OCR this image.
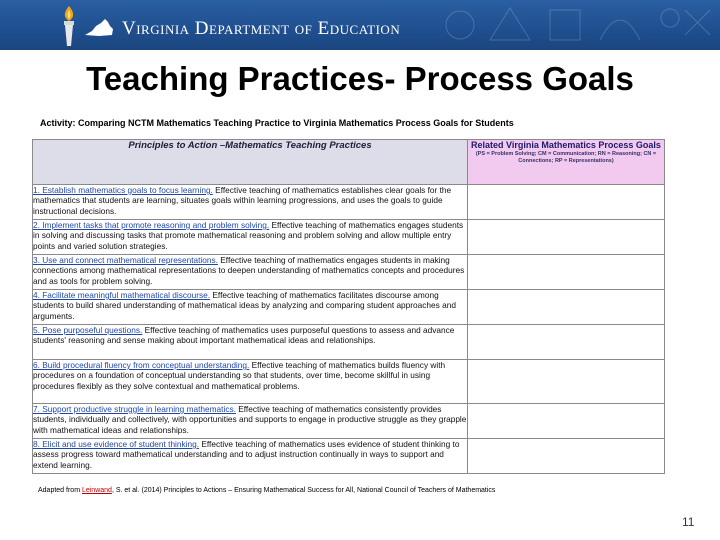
Virginia Department of Education
Teaching Practices- Process Goals
Activity: Comparing NCTM Mathematics Teaching Practice to Virginia Mathematics Process Goals for Students
Principles to Action –Mathematics Teaching Practices	Related Virginia Mathematics Process Goals
(PS = Problem Solving; CM = Communication; RN = Reasoning; CN = Connections; RP = Representations)

1. Establish mathematics goals to focus learning. Effective teaching of mathematics establishes clear goals for the mathematics that students are learning, situates goals within learning progressions, and uses the goals to guide instructional decisions.	

2. Implement tasks that promote reasoning and problem solving. Effective teaching of mathematics engages students in solving and discussing tasks that promote mathematical reasoning and problem solving and allow multiple entry points and varied solution strategies.	

3. Use and connect mathematical representations. Effective teaching of mathematics engages students in making connections among mathematical representations to deepen understanding of mathematics concepts and procedures and as tools for problem solving.	

4. Facilitate meaningful mathematical discourse. Effective teaching of mathematics facilitates discourse among students to build shared understanding of mathematical ideas by analyzing and comparing student approaches and arguments.	

5. Pose purposeful questions. Effective teaching of mathematics uses purposeful questions to assess and advance students' reasoning and sense making about important mathematical ideas and relationships.	

6. Build procedural fluency from conceptual understanding. Effective teaching of mathematics builds fluency with procedures on a foundation of conceptual understanding so that students, over time, become skillful in using procedures flexibly as they solve contextual and mathematical problems.	

7. Support productive struggle in learning mathematics. Effective teaching of mathematics consistently provides students, individually and collectively, with opportunities and supports to engage in productive struggle as they grapple with mathematical ideas and relationships.	

8. Elicit and use evidence of student thinking. Effective teaching of mathematics uses evidence of student thinking to assess progress toward mathematical understanding and to adjust instruction continually in ways to support and extend learning.	

Adapted from Leinwand, S. et al. (2014) Principles to Actions – Ensuring Mathematical Success for All, National Council of Teachers of Mathematics
11
